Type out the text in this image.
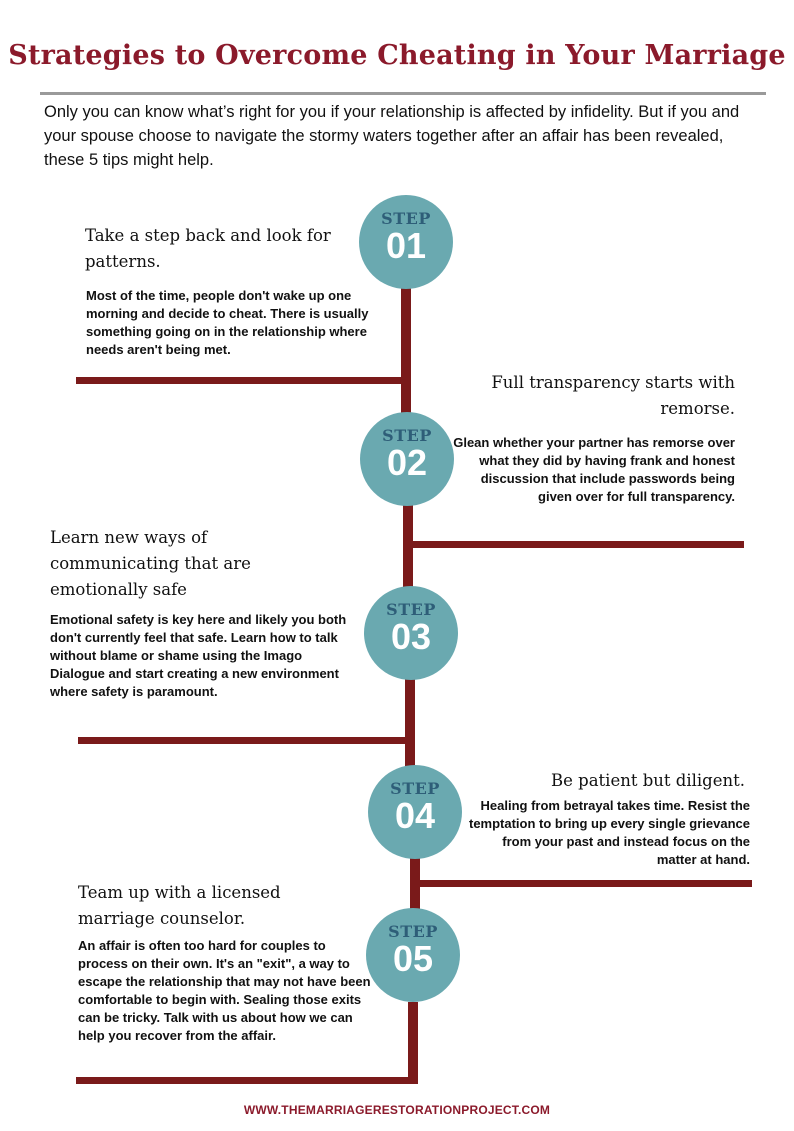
Strategies to Overcome Cheating in Your Marriage
Only you can know what’s right for you if your relationship is affected by infidelity. But if you and your spouse choose to navigate the stormy waters together after an affair has been revealed, these 5 tips might help.
STEP
01
STEP
02
STEP
03
STEP
04
STEP
05
Take a step back and look for patterns.
Most of the time, people don't wake up one morning and decide to cheat. There is usually something going on in the relationship where needs aren't being met.
Full transparency starts with remorse.
Glean whether your partner has remorse over what they did by having frank and honest discussion that include passwords being given over for full transparency.
Learn new ways of communicating that are emotionally safe
Emotional safety is key here and likely you both don't currently feel that safe. Learn how to talk without blame or shame using the Imago Dialogue and start creating a new environment where safety is paramount.
Be patient but diligent.
Healing from betrayal takes time. Resist the temptation to bring up every single grievance from your past and instead focus on the matter at hand.
Team up with a licensed marriage counselor.
An affair is often too hard for couples to process on their own. It's an "exit", a way to escape the relationship that may not have been comfortable to begin with. Sealing those exits can be tricky. Talk with us about how we can help you recover from the affair.
WWW.THEMARRIAGERESTORATIONPROJECT.COM
